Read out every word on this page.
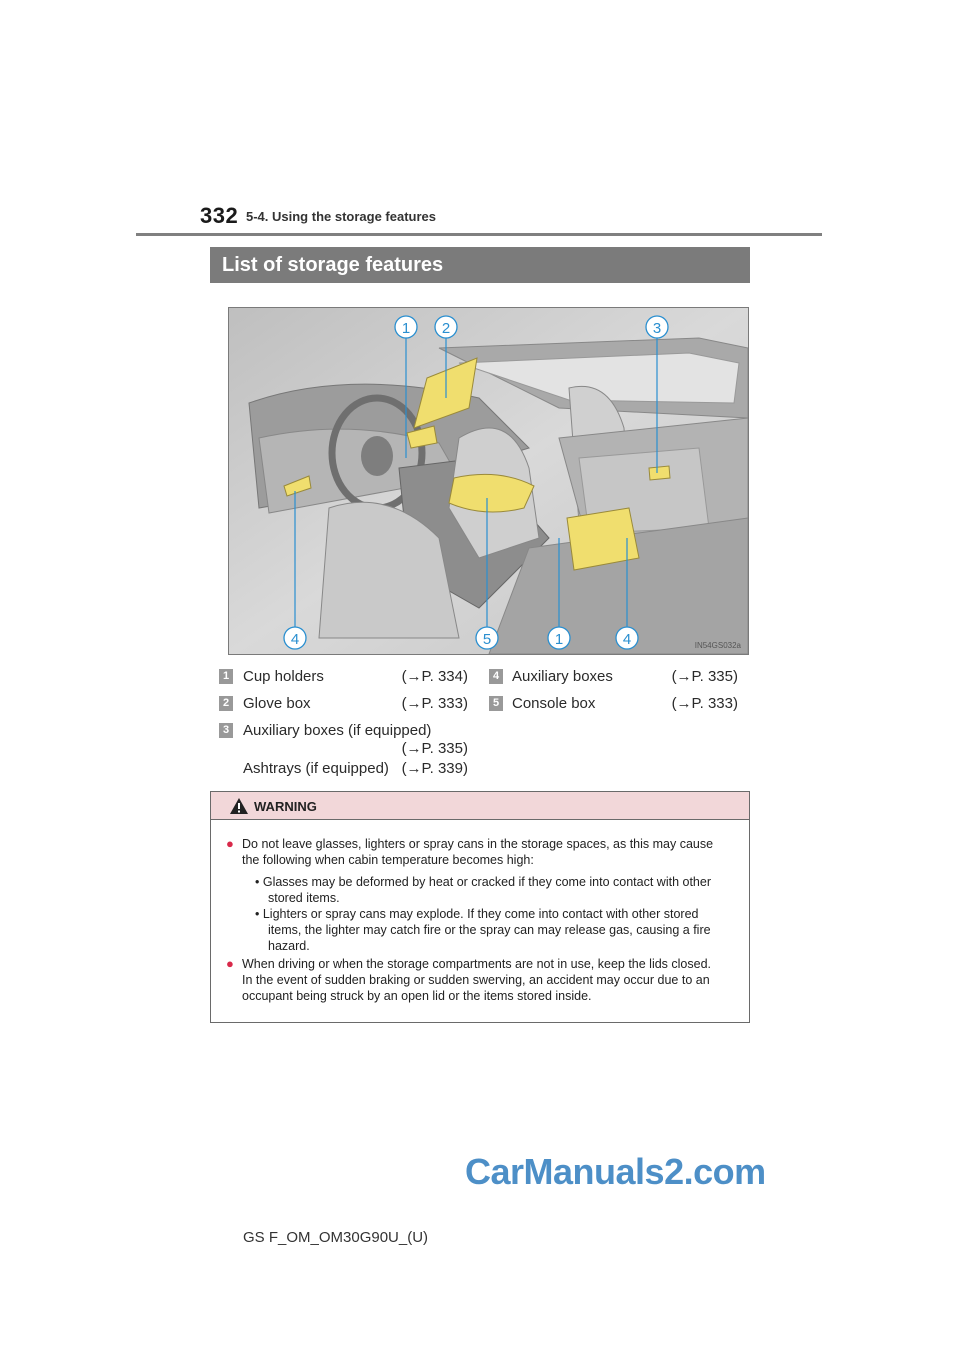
332 5-4. Using the storage features
List of storage features
1 2	3
4	5	1	4	IN54GS032a
1 Cup holders	(→P. 334)
2 Glove box	(→P. 333)
3 Auxiliary boxes (if equipped)
(→P. 335)
Ashtrays (if equipped) (→P. 339)
4 Auxiliary boxes	(→P. 335)
5 Console box	(→P. 333)
WARNING
● Do not leave glasses, lighters or spray cans in the storage spaces, as this may cause
the following when cabin temperature becomes high:
• Glasses may be deformed by heat or cracked if they come into contact with other
stored items.
• Lighters or spray cans may explode. If they come into contact with other stored
items, the lighter may catch fire or the spray can may release gas, causing a fire
hazard.
● When driving or when the storage compartments are not in use, keep the lids closed.
In the event of sudden braking or sudden swerving, an accident may occur due to an
occupant being struck by an open lid or the items stored inside.
CarManuals2.com
GS F_OM_OM30G90U_(U)
